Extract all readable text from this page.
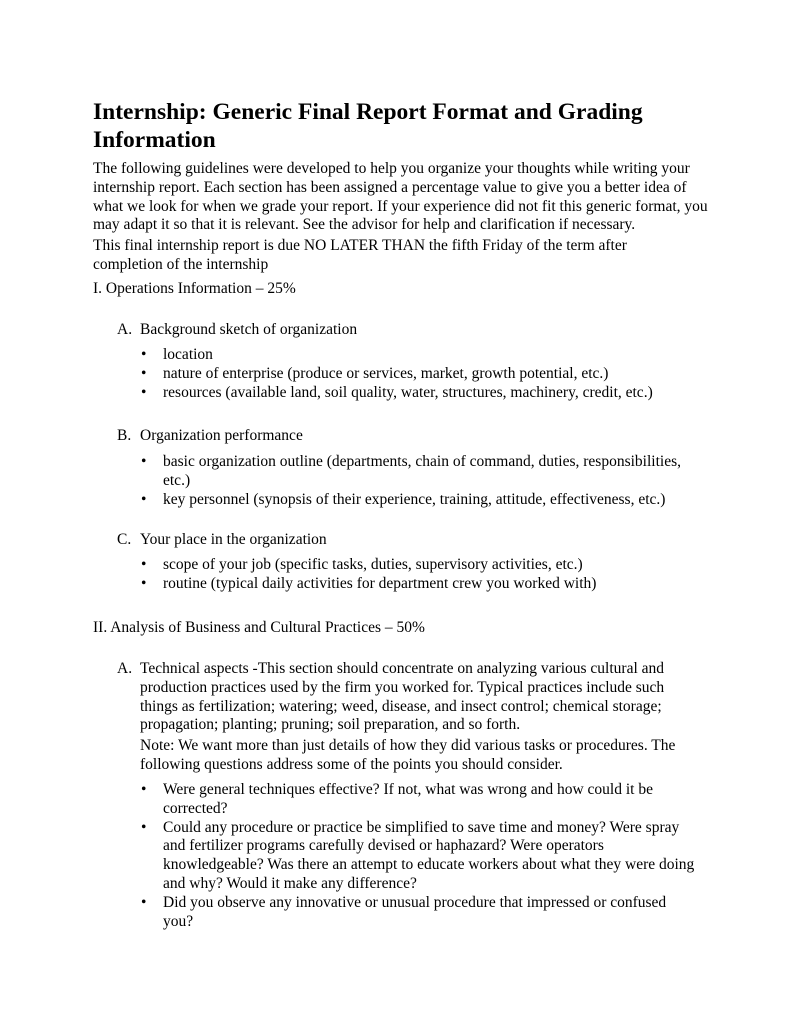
Internship: Generic Final Report Format and Grading Information

The following guidelines were developed to help you organize your thoughts while writing your internship report. Each section has been assigned a percentage value to give you a better idea of what we look for when we grade your report. If your experience did not fit this generic format, you may adapt it so that it is relevant. See the advisor for help and clarification if necessary.

This final internship report is due NO LATER THAN the fifth Friday of the term after completion of the internship

I. Operations Information – 25%

A. Background sketch of organization

• location
• nature of enterprise (produce or services, market, growth potential, etc.)
• resources (available land, soil quality, water, structures, machinery, credit, etc.)
B. Organization performance

• basic organization outline (departments, chain of command, duties, responsibilities, etc.)
• key personnel (synopsis of their experience, training, attitude, effectiveness, etc.)
C. Your place in the organization

• scope of your job (specific tasks, duties, supervisory activities, etc.)
• routine (typical daily activities for department crew you worked with)

II. Analysis of Business and Cultural Practices – 50%

A. Technical aspects -This section should concentrate on analyzing various cultural and production practices used by the firm you worked for. Typical practices include such things as fertilization; watering; weed, disease, and insect control; chemical storage; propagation; planting; pruning; soil preparation, and so forth.

Note: We want more than just details of how they did various tasks or procedures. The following questions address some of the points you should consider.

• Were general techniques effective? If not, what was wrong and how could it be corrected?
• Could any procedure or practice be simplified to save time and money? Were spray and fertilizer programs carefully devised or haphazard? Were operators knowledgeable? Was there an attempt to educate workers about what they were doing and why? Would it make any difference?
• Did you observe any innovative or unusual procedure that impressed or confused you?
